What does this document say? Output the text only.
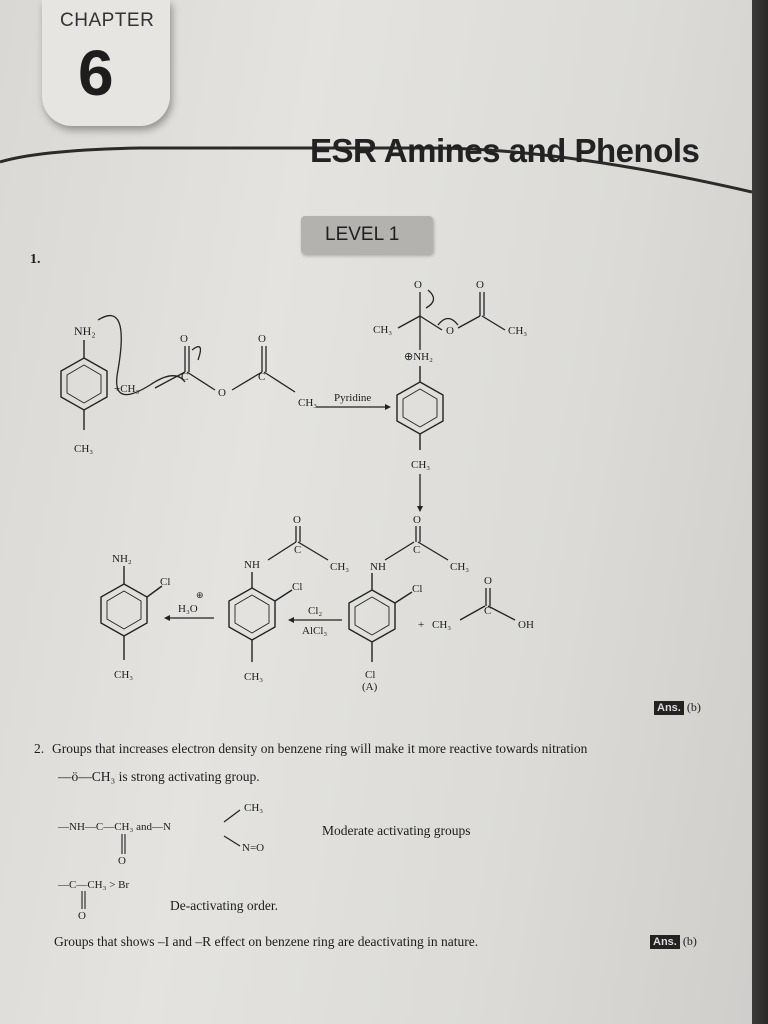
CHAPTER
6
ESR Amines and Phenols
LEVEL 1
1.
NH₂
CH₃
+CH₃
O
C
O
O
C
CH₃ Pyridine
O
CH₃	O
O
CH₃
⊕NH₂
CH₃
O
C
CH₃
NH
Cl
Cl
(A)
+
O
C
CH₃	OH
Cl₂
AlCl₃
O
C
CH₃
NH
Cl
CH₃
H₃O
⊕
NH₂
Cl
CH₃
Ans. (b)
2. Groups that increases electron density on benzene ring will make it more reactive towards nitration
—ö—CH₃ is strong activating group.
CH₃
—NH—C—CH₃ and—N
O
N=O
Moderate activating groups
—C—CH₃ > Br
O
De-activating order.
Groups that shows –I and –R effect on benzene ring are deactivating in nature.	Ans. (b)
